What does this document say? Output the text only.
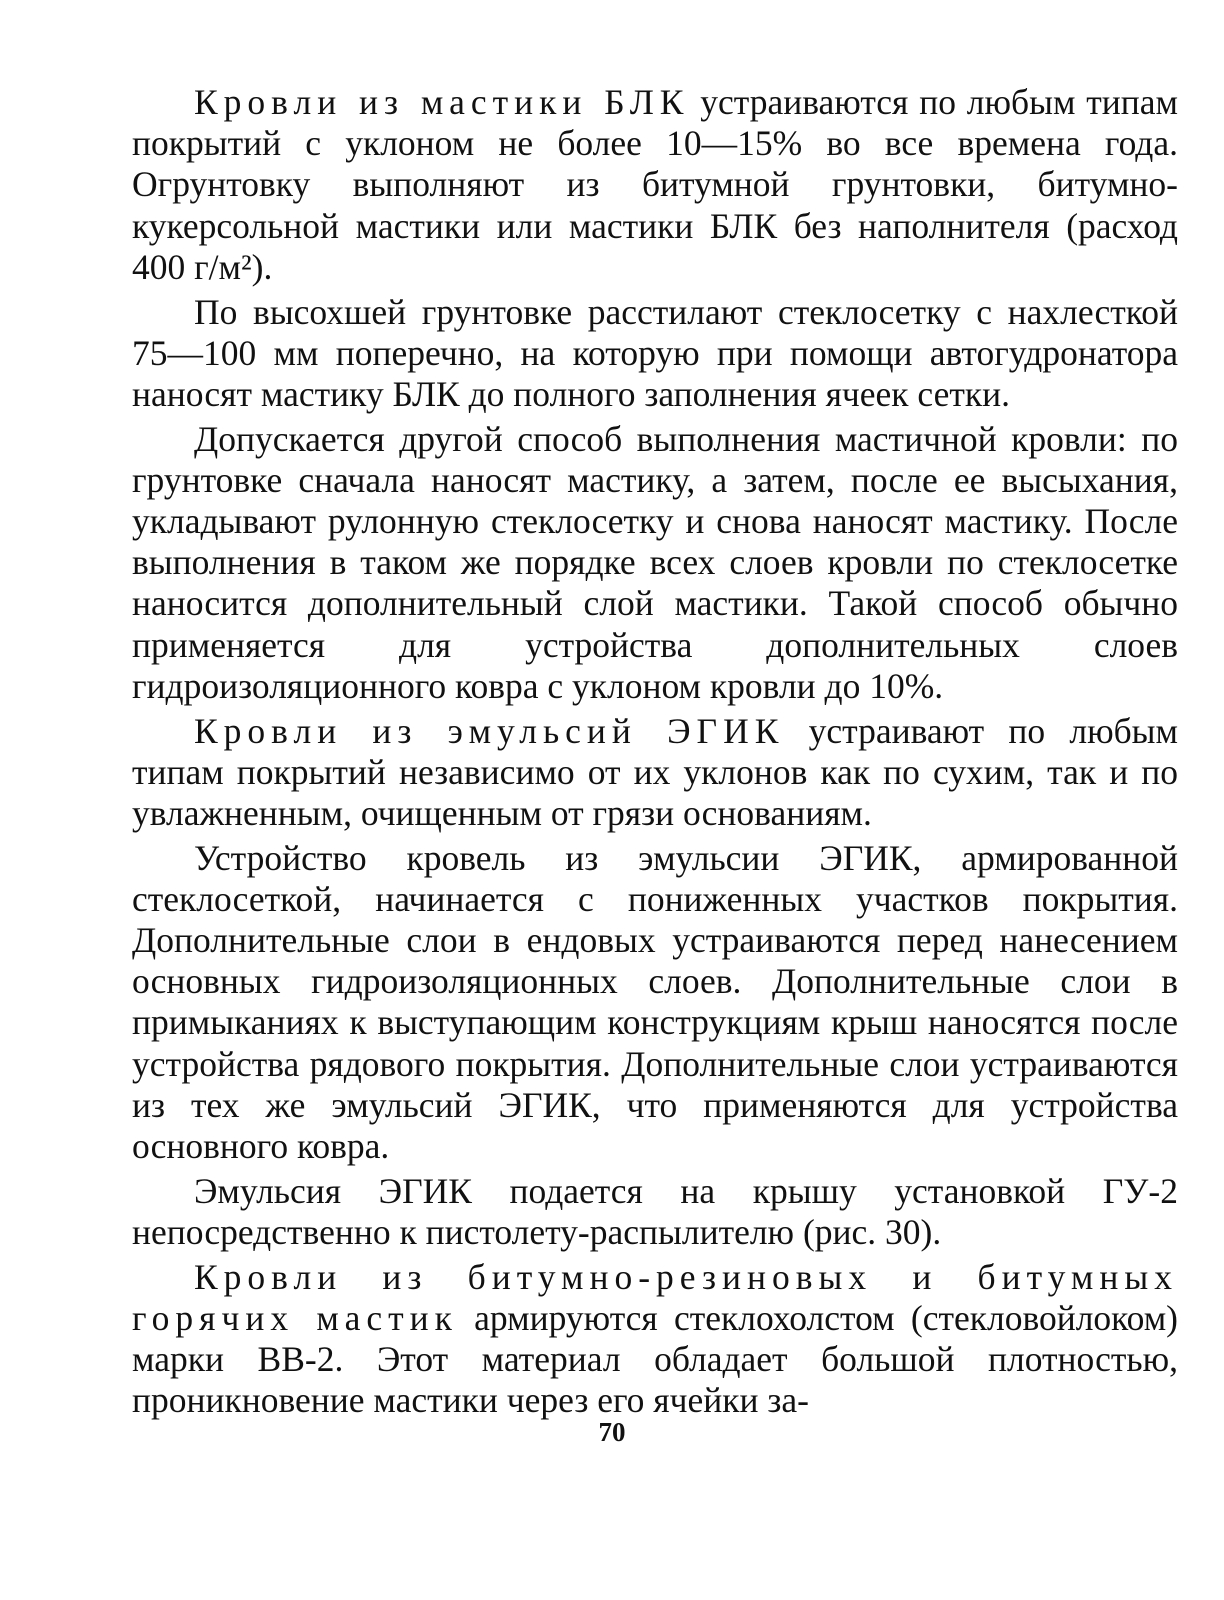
Кровли из мастики БЛК устраиваются по любым типам покрытий с уклоном не более 10—15% во все времена года. Огрунтовку выполняют из битумной грунтовки, битумно-кукерсольной мастики или мастики БЛК без наполнителя (расход 400 г/м²).

По высохшей грунтовке расстилают стеклосетку с нахлесткой 75—100 мм поперечно, на которую при помощи автогудронатора наносят мастику БЛК до полного заполнения ячеек сетки.

Допускается другой способ выполнения мастичной кровли: по грунтовке сначала наносят мастику, а затем, после ее высыхания, укладывают рулонную стеклосетку и снова наносят мастику. После выполнения в таком же порядке всех слоев кровли по стеклосетке наносится дополнительный слой мастики. Такой способ обычно применяется для устройства дополнительных слоев гидроизоляционного ковра с уклоном кровли до 10%.

Кровли из эмульсий ЭГИК устраивают по любым типам покрытий независимо от их уклонов как по сухим, так и по увлажненным, очищенным от грязи основаниям.

Устройство кровель из эмульсии ЭГИК, армированной стеклосеткой, начинается с пониженных участков покрытия. Дополнительные слои в ендовых устраиваются перед нанесением основных гидроизоляционных слоев. Дополнительные слои в примыканиях к выступающим конструкциям крыш наносятся после устройства рядового покрытия. Дополнительные слои устраиваются из тех же эмульсий ЭГИК, что применяются для устройства основного ковра.

Эмульсия ЭГИК подается на крышу установкой ГУ-2 непосредственно к пистолету-распылителю (рис. 30).

Кровли из битумно-резиновых и битумных горячих мастик армируются стеклохолстом (стекловойлоком) марки ВВ-2. Этот материал обладает большой плотностью, проникновение мастики через его ячейки за-

70
